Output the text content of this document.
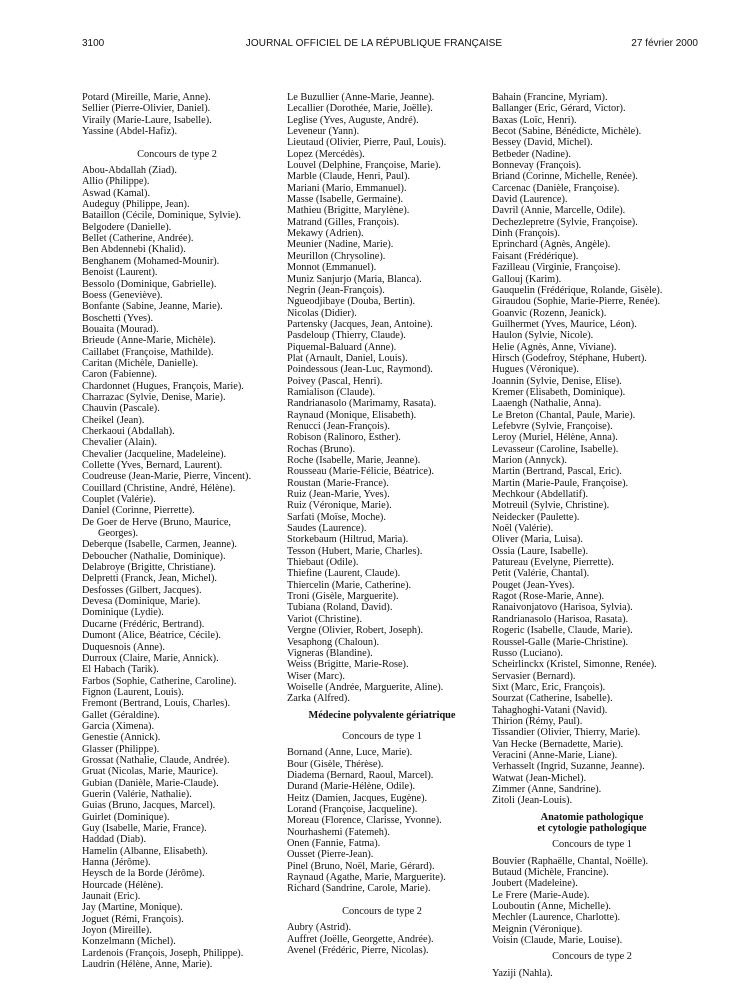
3100	JOURNAL OFFICIEL DE LA RÉPUBLIQUE FRANÇAISE	27 février 2000
Potard (Mireille, Marie, Anne).
Sellier (Pierre-Olivier, Daniel).
Viraily (Marie-Laure, Isabelle).
Yassine (Abdel-Hafiz).
Concours de type 2
Abou-Abdallah (Ziad).
Allio (Philippe).
Aswad (Kamal).
Audeguy (Philippe, Jean).
Bataillon (Cécile, Dominique, Sylvie).
Belgodere (Danielle).
Bellet (Catherine, Andrée).
Ben Abdennebi (Khalid).
Benghanem (Mohamed-Mounir).
Benoist (Laurent).
Bessolo (Dominique, Gabrielle).
Boess (Geneviève).
Bonfante (Sabine, Jeanne, Marie).
Boschetti (Yves).
Bouaita (Mourad).
Brieude (Anne-Marie, Michèle).
Caillabet (Françoise, Mathilde).
Caritan (Michèle, Danielle).
Caron (Fabienne).
Chardonnet (Hugues, François, Marie).
Charrazac (Sylvie, Denise, Marie).
Chauvin (Pascale).
Cheikel (Jean).
Cherkaoui (Abdallah).
Chevalier (Alain).
Chevalier (Jacqueline, Madeleine).
Collette (Yves, Bernard, Laurent).
Coudreuse (Jean-Marie, Pierre, Vincent).
Couillard (Christine, André, Hélène).
Couplet (Valérie).
Daniel (Corinne, Pierrette).
De Goer de Herve (Bruno, Maurice,
Georges).
Deberque (Isabelle, Carmen, Jeanne).
Deboucher (Nathalie, Dominique).
Delabroye (Brigitte, Christiane).
Delpretti (Franck, Jean, Michel).
Desfosses (Gilbert, Jacques).
Devesa (Dominique, Marie).
Dominique (Lydie).
Ducarne (Frédéric, Bertrand).
Dumont (Alice, Béatrice, Cécile).
Duquesnois (Anne).
Durroux (Claire, Marie, Annick).
El Habach (Tarik).
Farbos (Sophie, Catherine, Caroline).
Fignon (Laurent, Louis).
Fremont (Bertrand, Louis, Charles).
Gallet (Géraldine).
Garcia (Ximena).
Genestie (Annick).
Glasser (Philippe).
Grossat (Nathalie, Claude, Andrée).
Gruat (Nicolas, Marie, Maurice).
Gubian (Danièle, Marie-Claude).
Guerin (Valérie, Nathalie).
Guias (Bruno, Jacques, Marcel).
Guirlet (Dominique).
Guy (Isabelle, Marie, France).
Haddad (Diab).
Hamelin (Albanne, Elisabeth).
Hanna (Jérôme).
Heysch de la Borde (Jérôme).
Hourcade (Hélène).
Jaunait (Eric).
Jay (Martine, Monique).
Joguet (Rémi, François).
Joyon (Mireille).
Konzelmann (Michel).
Lardenois (François, Joseph, Philippe).
Laudrin (Hélène, Anne, Marie).
Le Buzullier (Anne-Marie, Jeanne).
Lecallier (Dorothée, Marie, Joëlle).
Leglise (Yves, Auguste, André).
Leveneur (Yann).
Lieutaud (Olivier, Pierre, Paul, Louis).
Lopez (Mercédès).
Louvel (Delphine, Françoise, Marie).
Marble (Claude, Henri, Paul).
Mariani (Mario, Emmanuel).
Masse (Isabelle, Germaine).
Mathieu (Brigitte, Marylène).
Matrand (Gilles, François).
Mekawy (Adrien).
Meunier (Nadine, Marie).
Meurillon (Chrysoline).
Monnot (Emmanuel).
Muniz Sanjurjo (Maria, Blanca).
Negrin (Jean-François).
Ngueodjibaye (Douba, Bertin).
Nicolas (Didier).
Partensky (Jacques, Jean, Antoine).
Pasdeloup (Thierry, Claude).
Piquemal-Baluard (Anne).
Plat (Arnault, Daniel, Louis).
Poindessous (Jean-Luc, Raymond).
Poivey (Pascal, Henri).
Ramialison (Claude).
Randrianasolo (Marimamy, Rasata).
Raynaud (Monique, Elisabeth).
Renucci (Jean-François).
Robison (Ralinoro, Esther).
Rochas (Bruno).
Roche (Isabelle, Marie, Jeanne).
Rousseau (Marie-Félicie, Béatrice).
Roustan (Marie-France).
Ruiz (Jean-Marie, Yves).
Ruiz (Véronique, Marie).
Sarfati (Moïse, Moche).
Saudes (Laurence).
Storkebaum (Hiltrud, Maria).
Tesson (Hubert, Marie, Charles).
Thiebaut (Odile).
Thiefine (Laurent, Claude).
Thiercelin (Marie, Catherine).
Troni (Gisèle, Marguerite).
Tubiana (Roland, David).
Variot (Christine).
Vergne (Olivier, Robert, Joseph).
Vesaphong (Chaloun).
Vigneras (Blandine).
Weiss (Brigitte, Marie-Rose).
Wiser (Marc).
Woiselle (Andrée, Marguerite, Aline).
Zarka (Alfred).
Médecine polyvalente gériatrique
Concours de type 1
Bornand (Anne, Luce, Marie).
Bour (Gisèle, Thérèse).
Diadema (Bernard, Raoul, Marcel).
Durand (Marie-Hélène, Odile).
Heitz (Damien, Jacques, Eugène).
Lorand (Françoise, Jacqueline).
Moreau (Florence, Clarisse, Yvonne).
Nourhashemi (Fatemeh).
Onen (Fannie, Fatma).
Ousset (Pierre-Jean).
Pinel (Bruno, Noël, Marie, Gérard).
Raynaud (Agathe, Marie, Marguerite).
Richard (Sandrine, Carole, Marie).
Concours de type 2
Aubry (Astrid).
Auffret (Joëlle, Georgette, Andrée).
Avenel (Frédéric, Pierre, Nicolas).
Bahain (Francine, Myriam).
Ballanger (Eric, Gérard, Victor).
Baxas (Loïc, Henri).
Becot (Sabine, Bénédicte, Michèle).
Bessey (David, Michel).
Betbeder (Nadine).
Bonnevay (François).
Briand (Corinne, Michelle, Renée).
Carcenac (Danièle, Françoise).
David (Laurence).
Davril (Annie, Marcelle, Odile).
Dechezlepretre (Sylvie, Françoise).
Dinh (François).
Eprinchard (Agnès, Angèle).
Faisant (Frédérique).
Fazilleau (Virginie, Françoise).
Gallouj (Karim).
Gauquelin (Frédérique, Rolande, Gisèle).
Giraudou (Sophie, Marie-Pierre, Renée).
Goanvic (Rozenn, Jeanick).
Guilhermet (Yves, Maurice, Léon).
Haulon (Sylvie, Nicole).
Helie (Agnès, Anne, Viviane).
Hirsch (Godefroy, Stéphane, Hubert).
Hugues (Véronique).
Joannin (Sylvie, Denise, Elise).
Kremer (Elisabeth, Dominique).
Laaengh (Nathalie, Anna).
Le Breton (Chantal, Paule, Marie).
Lefebvre (Sylvie, Françoise).
Leroy (Muriel, Hélène, Anna).
Levasseur (Caroline, Isabelle).
Marion (Annyck).
Martin (Bertrand, Pascal, Eric).
Martin (Marie-Paule, Françoise).
Mechkour (Abdellatif).
Motreuil (Sylvie, Christine).
Neidecker (Paulette).
Noël (Valérie).
Oliver (Maria, Luisa).
Ossia (Laure, Isabelle).
Patureau (Evelyne, Pierrette).
Petit (Valérie, Chantal).
Pouget (Jean-Yves).
Ragot (Rose-Marie, Anne).
Ranaivonjatovo (Harisoa, Sylvia).
Randrianasolo (Harisoa, Rasata).
Rogeric (Isabelle, Claude, Marie).
Roussel-Galle (Marie-Christine).
Russo (Luciano).
Scheirlinckx (Kristel, Simonne, Renée).
Servasier (Bernard).
Sixt (Marc, Eric, François).
Sourzat (Catherine, Isabelle).
Tahaghoghi-Vatani (Navid).
Thirion (Rémy, Paul).
Tissandier (Olivier, Thierry, Marie).
Van Hecke (Bernadette, Marie).
Veracini (Anne-Marie, Liane).
Verhasselt (Ingrid, Suzanne, Jeanne).
Watwat (Jean-Michel).
Zimmer (Anne, Sandrine).
Zitoli (Jean-Louis).
Anatomie pathologique
et cytologie pathologique
Concours de type 1
Bouvier (Raphaëlle, Chantal, Noëlle).
Butaud (Michèle, Francine).
Joubert (Madeleine).
Le Frere (Marie-Aude).
Louboutin (Anne, Michelle).
Mechler (Laurence, Charlotte).
Meignin (Véronique).
Voisin (Claude, Marie, Louise).
Concours de type 2
Yaziji (Nahla).
